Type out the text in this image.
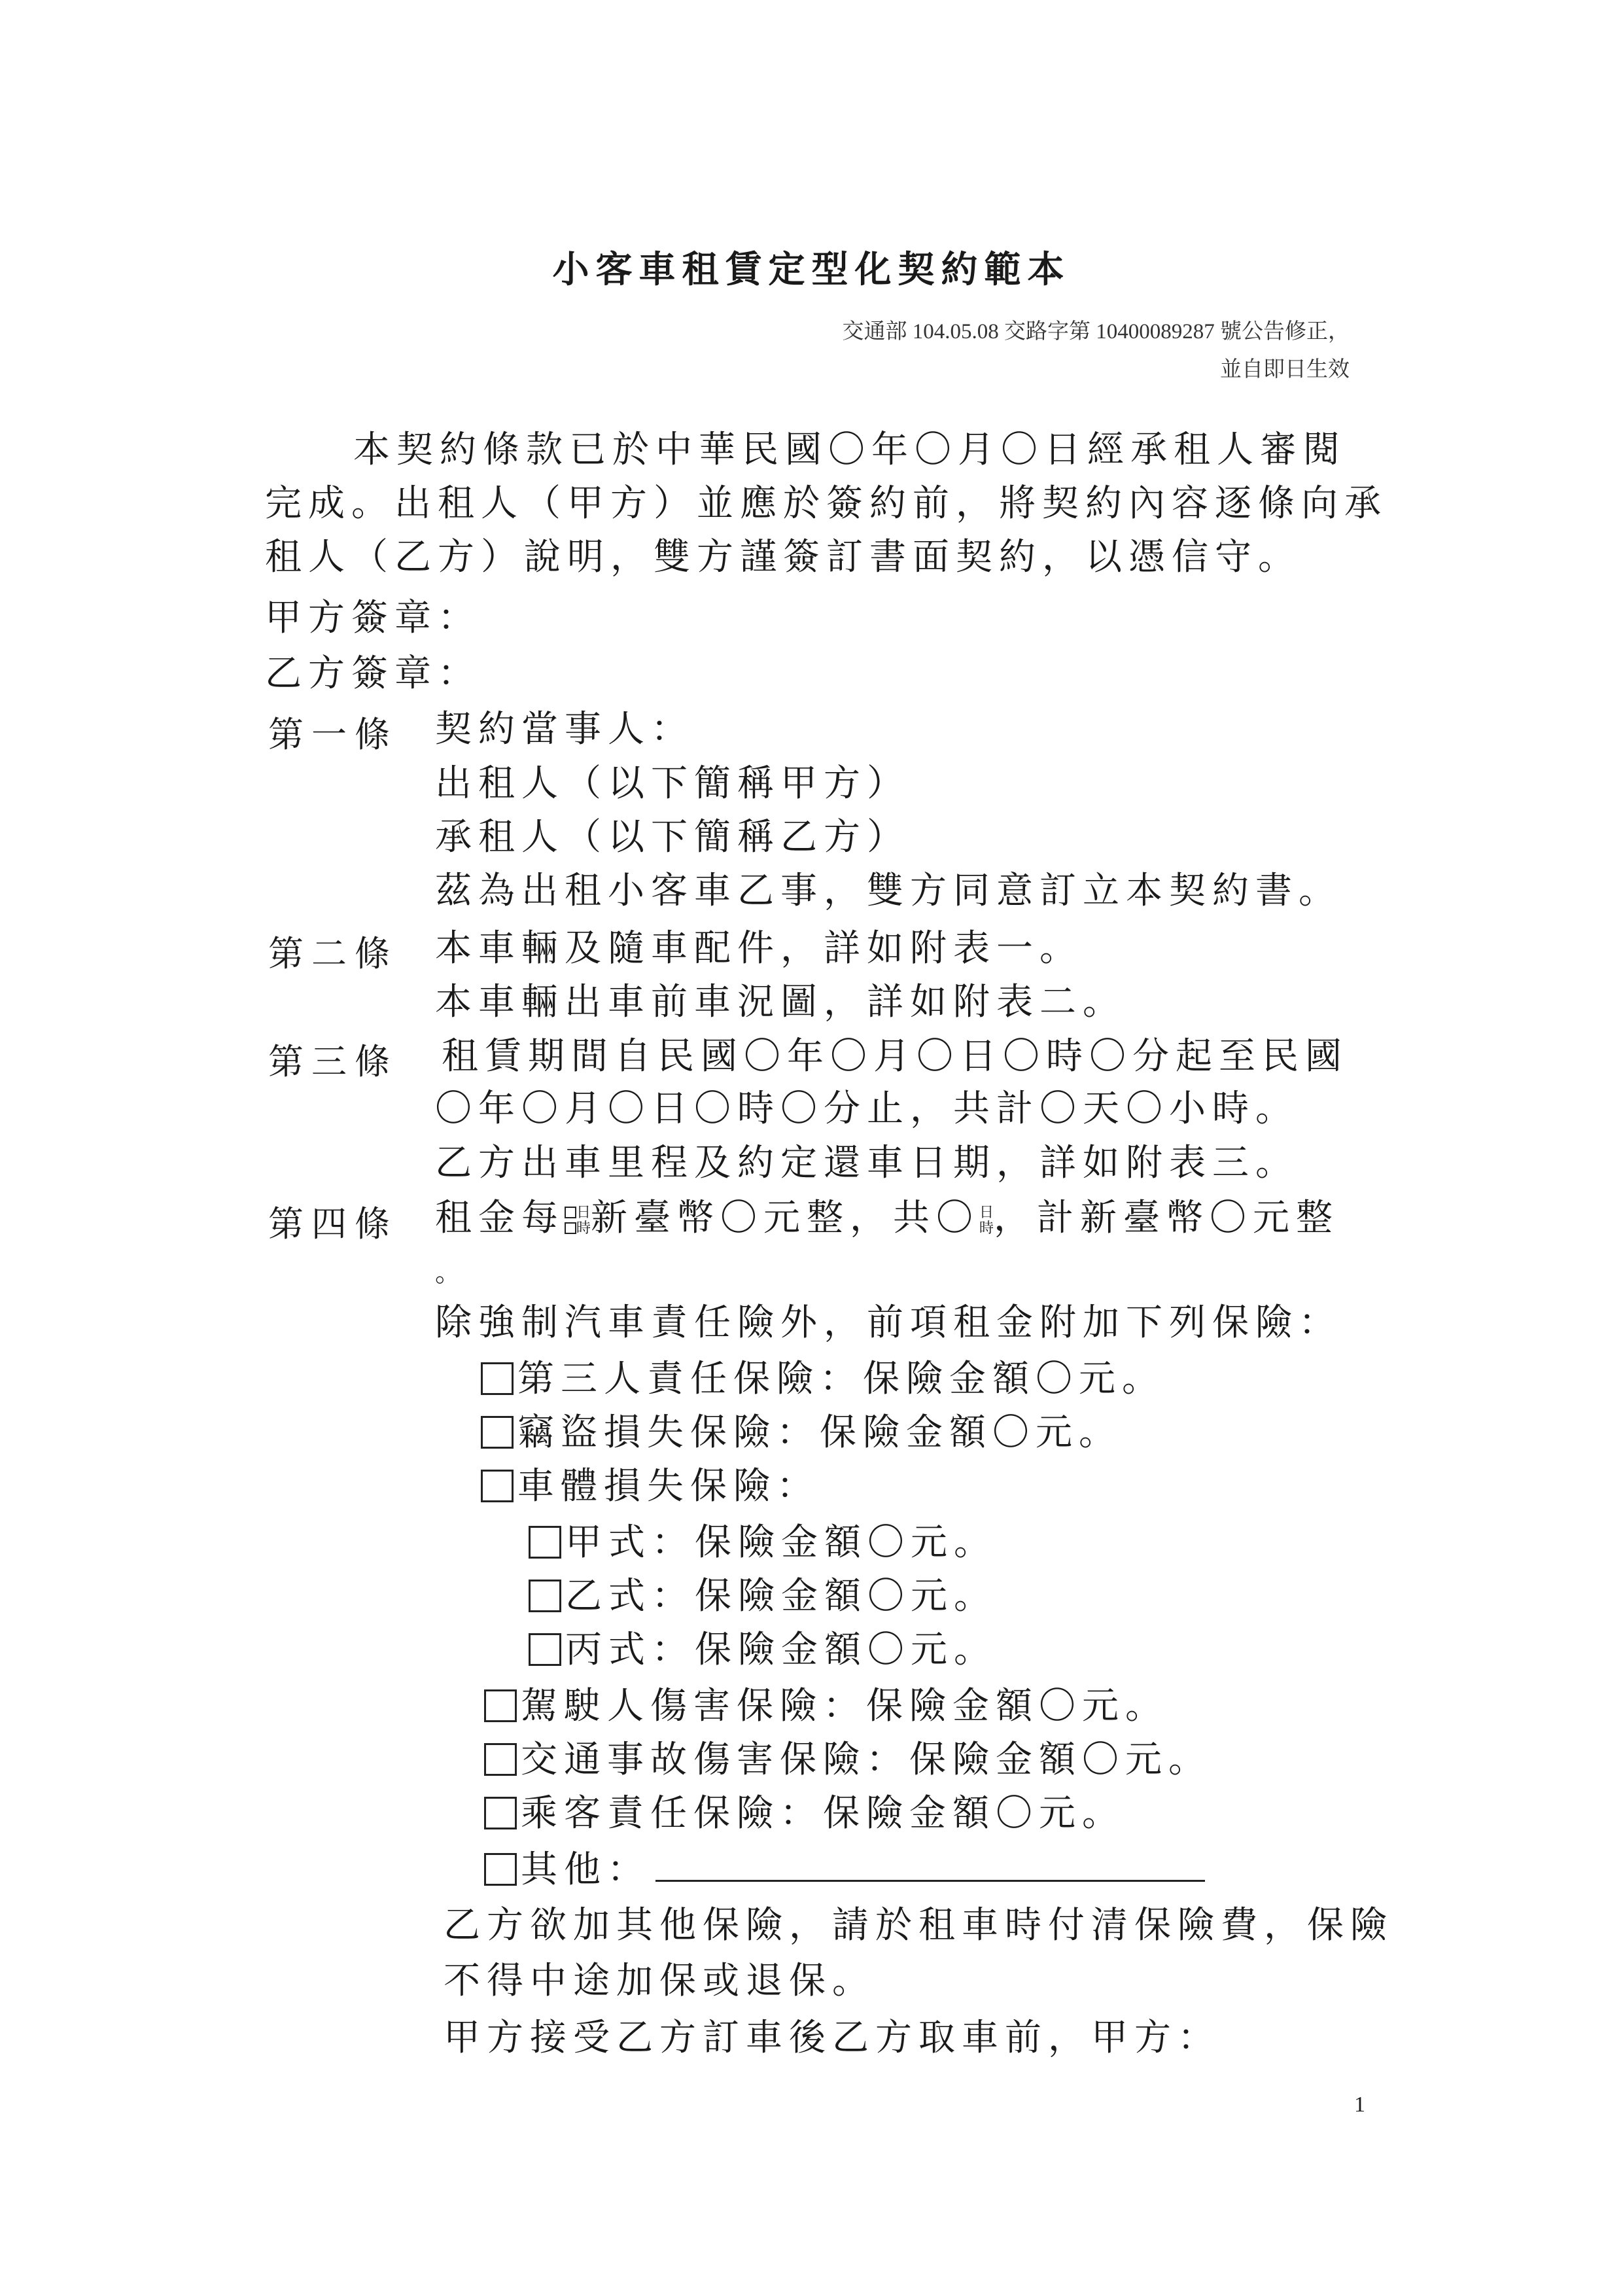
小客車租賃定型化契約範本
交通部 104.05.08 交路字第 10400089287 號公告修正，
並自即日生效
本契約條款已於中華民國〇年〇月〇日經承租人審閱
完成。出租人（甲方）並應於簽約前，將契約內容逐條向承
租人（乙方）說明，雙方謹簽訂書面契約，以憑信守。
甲方簽章：
乙方簽章：
第一條 契約當事人：
出租人（以下簡稱甲方）
承租人（以下簡稱乙方）
茲為出租小客車乙事，雙方同意訂立本契約書。
第二條 本車輛及隨車配件，詳如附表一。
本車輛出車前車況圖，詳如附表二。
第三條 租賃期間自民國〇年〇月〇日〇時〇分起至民國
〇年〇月〇日〇時〇分止，共計〇天〇小時。
乙方出車里程及約定還車日期，詳如附表三。
第四條 租金每 日
時新臺幣〇元整，共〇日
時，計新臺幣〇元整
。
除強制汽車責任險外，前項租金附加下列保險：
第三人責任保險：保險金額〇元。
竊盜損失保險：保險金額〇元。
車體損失保險：
甲式：保險金額〇元。
乙式：保險金額〇元。
丙式：保險金額〇元。
駕駛人傷害保險：保險金額〇元。
交通事故傷害保險：保險金額〇元。
乘客責任保險：保險金額〇元。
其他：
乙方欲加其他保險，請於租車時付清保險費，保險
不得中途加保或退保。
甲方接受乙方訂車後乙方取車前，甲方：
1
